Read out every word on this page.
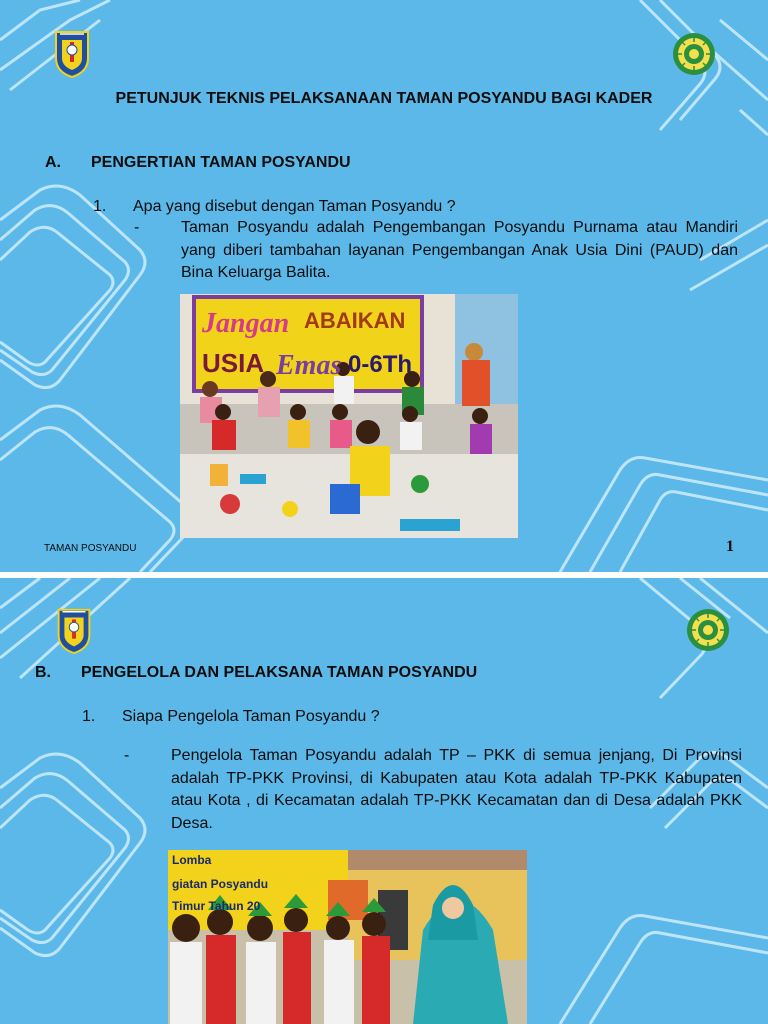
PETUNJUK TEKNIS PELAKSANAAN TAMAN POSYANDU BAGI KADER
A. PENGERTIAN TAMAN POSYANDU
1. Apa yang disebut dengan Taman Posyandu ?
-	Taman Posyandu adalah Pengembangan Posyandu Purnama atau Mandiri yang diberi tambahan layanan Pengembangan Anak Usia Dini (PAUD) dan Bina Keluarga Balita.
Jangan ABAIKAN
USIA Emas 0-6Th
TAMAN POSYANDU	1
B. PENGELOLA DAN PELAKSANA TAMAN POSYANDU
1. Siapa Pengelola Taman Posyandu ?
-	Pengelola Taman Posyandu adalah TP – PKK di semua jenjang, Di Provinsi adalah TP-PKK Provinsi, di Kabupaten atau Kota adalah TP-PKK Kabupaten atau Kota , di Kecamatan adalah TP-PKK Kecamatan dan di Desa adalah PKK Desa.
Lomba
giatan Posyandu
Timur Tahun 20
